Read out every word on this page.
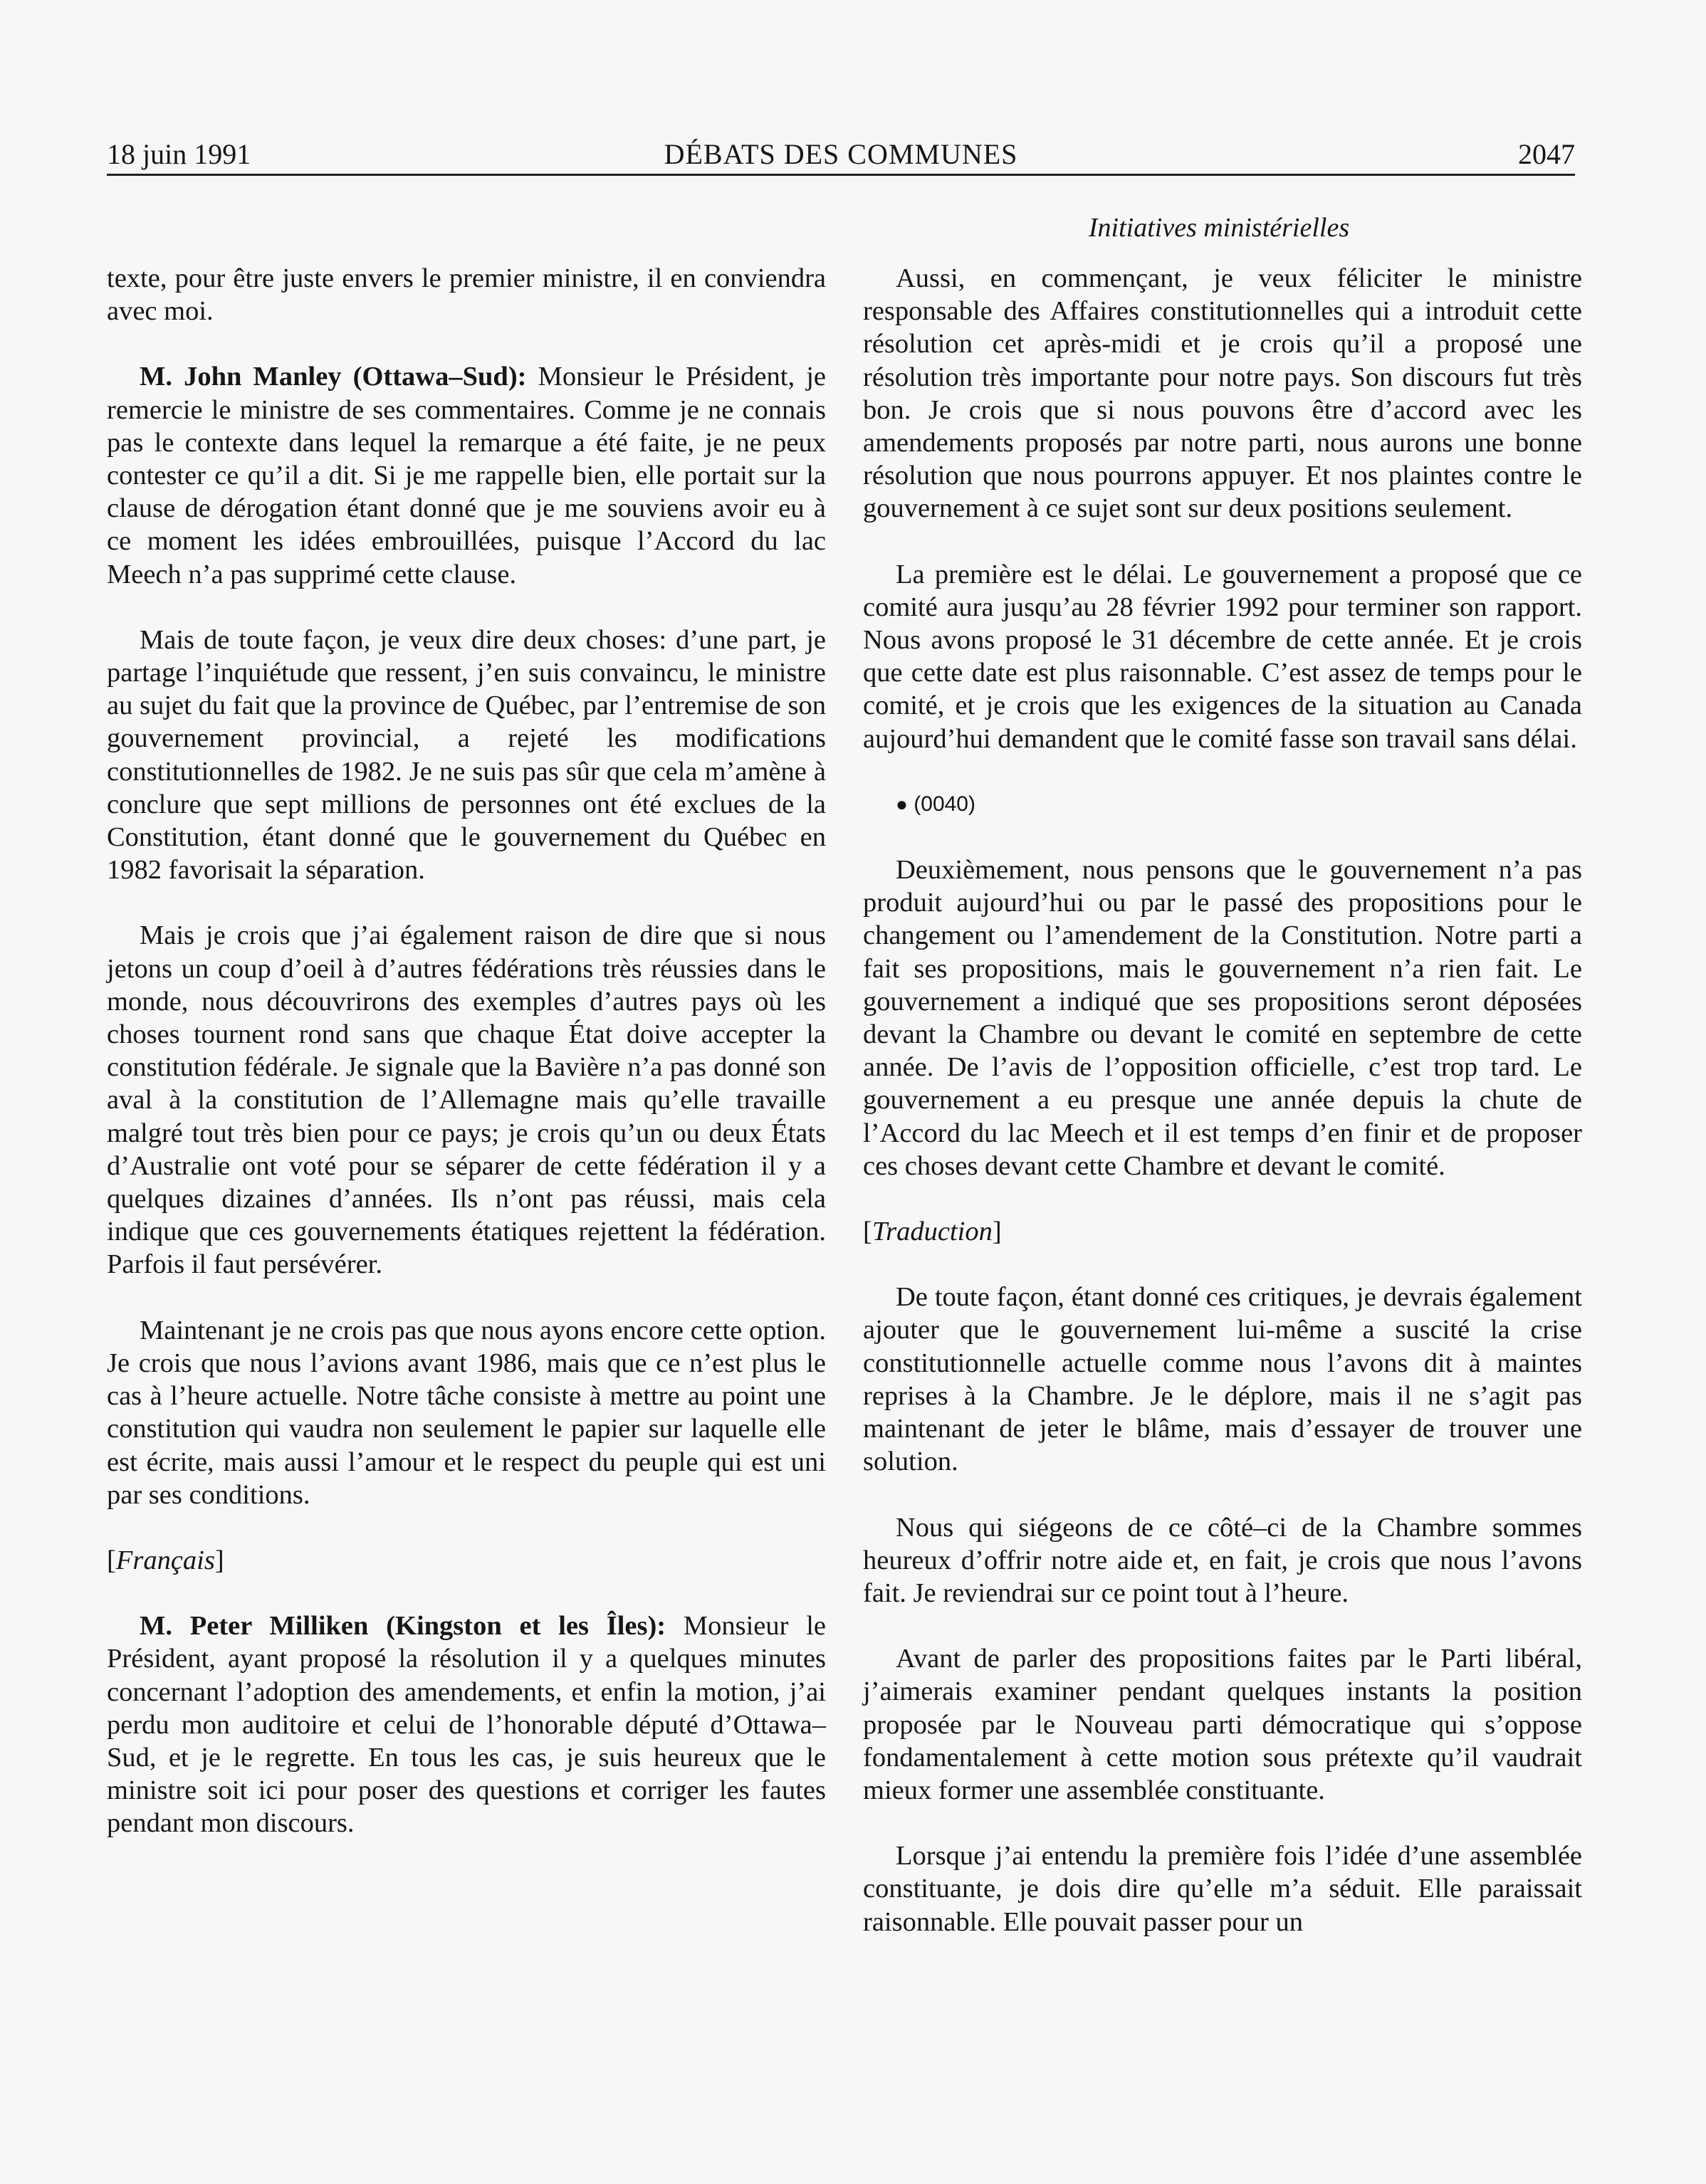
18 juin 1991	DÉBATS DES COMMUNES	2047
Initiatives ministérielles

texte, pour être juste envers le premier ministre, il en conviendra avec moi.

M. John Manley (Ottawa–Sud): Monsieur le Président, je remercie le ministre de ses commentaires. Comme je ne connais pas le contexte dans lequel la remarque a été faite, je ne peux contester ce qu’il a dit. Si je me rappelle bien, elle portait sur la clause de dérogation étant donné que je me souviens avoir eu à ce moment les idées embrouillées, puisque l’Accord du lac Meech n’a pas supprimé cette clause.

Mais de toute façon, je veux dire deux choses: d’une part, je partage l’inquiétude que ressent, j’en suis convaincu, le ministre au sujet du fait que la province de Québec, par l’entremise de son gouvernement provincial, a rejeté les modifications constitutionnelles de 1982. Je ne suis pas sûr que cela m’amène à conclure que sept millions de personnes ont été exclues de la Constitution, étant donné que le gouvernement du Québec en 1982 favorisait la séparation.

Mais je crois que j’ai également raison de dire que si nous jetons un coup d’oeil à d’autres fédérations très réussies dans le monde, nous découvrirons des exemples d’autres pays où les choses tournent rond sans que chaque État doive accepter la constitution fédérale. Je signale que la Bavière n’a pas donné son aval à la constitution de l’Allemagne mais qu’elle travaille malgré tout très bien pour ce pays; je crois qu’un ou deux États d’Australie ont voté pour se séparer de cette fédération il y a quelques dizaines d’années. Ils n’ont pas réussi, mais cela indique que ces gouvernements étatiques rejettent la fédération. Parfois il faut persévérer.

Maintenant je ne crois pas que nous ayons encore cette option. Je crois que nous l’avions avant 1986, mais que ce n’est plus le cas à l’heure actuelle. Notre tâche consiste à mettre au point une constitution qui vaudra non seulement le papier sur laquelle elle est écrite, mais aussi l’amour et le respect du peuple qui est uni par ses conditions.

[Français]

M. Peter Milliken (Kingston et les Îles): Monsieur le Président, ayant proposé la résolution il y a quelques minutes concernant l’adoption des amendements, et enfin la motion, j’ai perdu mon auditoire et celui de l’honorable député d’Ottawa–Sud, et je le regrette. En tous les cas, je suis heureux que le ministre soit ici pour poser des questions et corriger les fautes pendant mon discours.

Aussi, en commençant, je veux féliciter le ministre responsable des Affaires constitutionnelles qui a introduit cette résolution cet après-midi et je crois qu’il a proposé une résolution très importante pour notre pays. Son discours fut très bon. Je crois que si nous pouvons être d’accord avec les amendements proposés par notre parti, nous aurons une bonne résolution que nous pourrons appuyer. Et nos plaintes contre le gouvernement à ce sujet sont sur deux positions seulement.

La première est le délai. Le gouvernement a proposé que ce comité aura jusqu’au 28 février 1992 pour terminer son rapport. Nous avons proposé le 31 décembre de cette année. Et je crois que cette date est plus raisonnable. C’est assez de temps pour le comité, et je crois que les exigences de la situation au Canada aujourd’hui demandent que le comité fasse son travail sans délai.

● (0040)

Deuxièmement, nous pensons que le gouvernement n’a pas produit aujourd’hui ou par le passé des propositions pour le changement ou l’amendement de la Constitution. Notre parti a fait ses propositions, mais le gouvernement n’a rien fait. Le gouvernement a indiqué que ses propositions seront déposées devant la Chambre ou devant le comité en septembre de cette année. De l’avis de l’opposition officielle, c’est trop tard. Le gouvernement a eu presque une année depuis la chute de l’Accord du lac Meech et il est temps d’en finir et de proposer ces choses devant cette Chambre et devant le comité.

[Traduction]

De toute façon, étant donné ces critiques, je devrais également ajouter que le gouvernement lui-même a suscité la crise constitutionnelle actuelle comme nous l’avons dit à maintes reprises à la Chambre. Je le déplore, mais il ne s’agit pas maintenant de jeter le blâme, mais d’essayer de trouver une solution.

Nous qui siégeons de ce côté–ci de la Chambre sommes heureux d’offrir notre aide et, en fait, je crois que nous l’avons fait. Je reviendrai sur ce point tout à l’heure.

Avant de parler des propositions faites par le Parti libéral, j’aimerais examiner pendant quelques instants la position proposée par le Nouveau parti démocratique qui s’oppose fondamentalement à cette motion sous prétexte qu’il vaudrait mieux former une assemblée constituante.

Lorsque j’ai entendu la première fois l’idée d’une assemblée constituante, je dois dire qu’elle m’a séduit. Elle paraissait raisonnable. Elle pouvait passer pour un
